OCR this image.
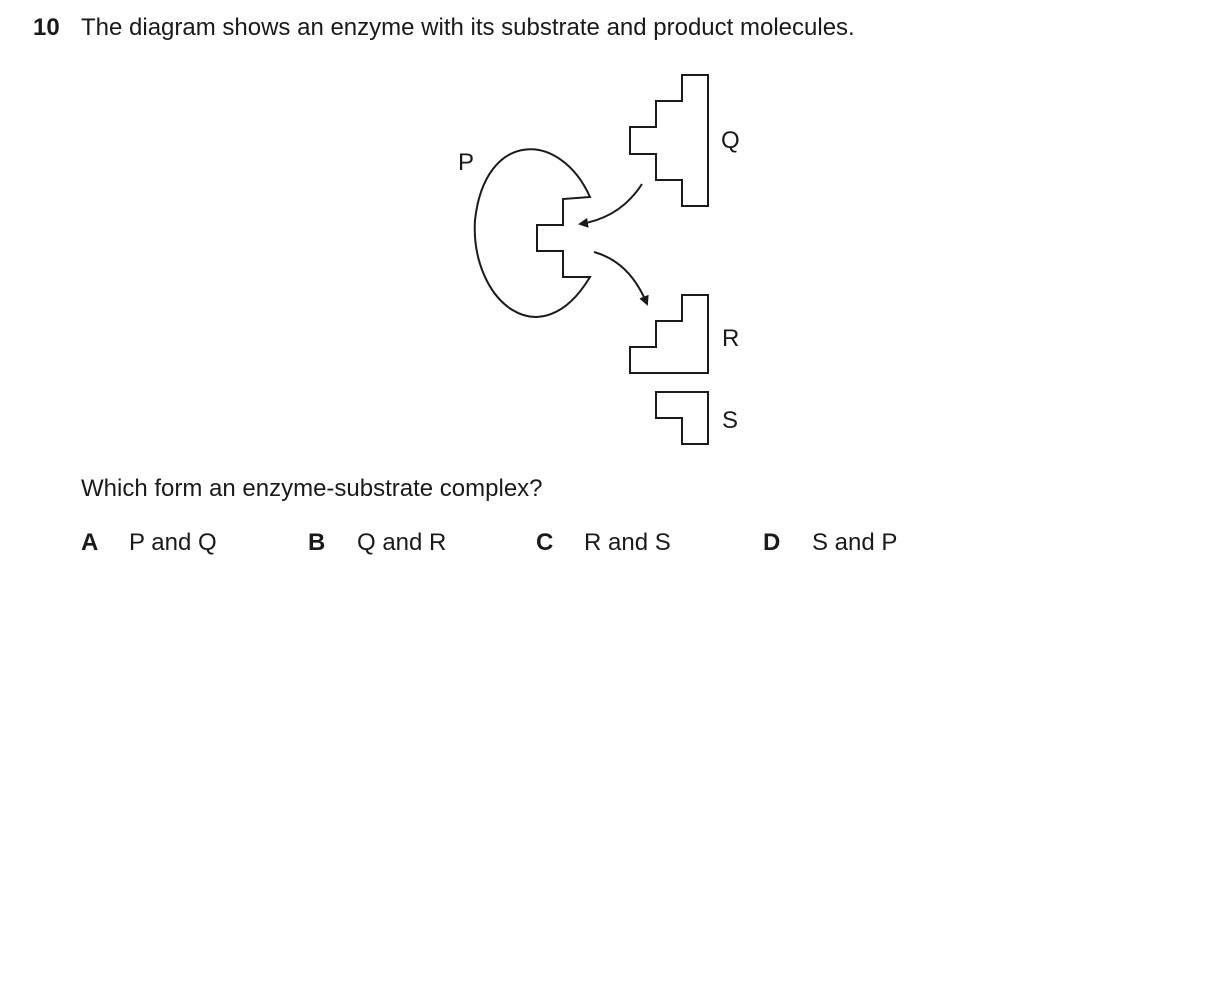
10 The diagram shows an enzyme with its substrate and product molecules.
P
Q
R
S
Which form an enzyme-substrate complex?
A P and Q	B Q and R	C R and S	D S and P
